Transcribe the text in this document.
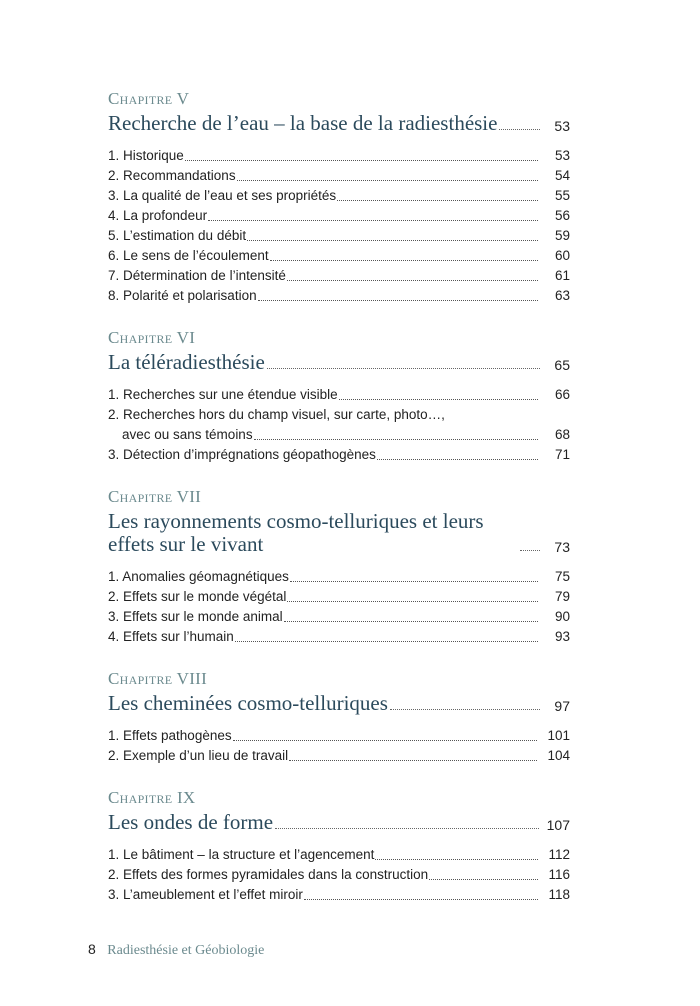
Chapitre V
Recherche de l’eau – la base de la radiesthésie	53
1. Historique	53
2. Recommandations	54
3. La qualité de l’eau et ses propriétés	55
4. La profondeur	56
5. L’estimation du débit	59
6. Le sens de l’écoulement	60
7. Détermination de l’intensité	61
8. Polarité et polarisation	63
Chapitre VI
La téléradiesthésie	65
1. Recherches sur une étendue visible	66
2. Recherches hors du champ visuel, sur carte, photo…,
avec ou sans témoins	68
3. Détection d’imprégnations géopathogènes	71
Chapitre VII
Les rayonnements cosmo-telluriques et leurs effets sur le vivant	73
1. Anomalies géomagnétiques	75
2. Effets sur le monde végétal	79
3. Effets sur le monde animal	90
4. Effets sur l’humain	93
Chapitre VIII
Les cheminées cosmo-telluriques	97
1. Effets pathogènes	101
2. Exemple d’un lieu de travail	104
Chapitre IX
Les ondes de forme	107
1. Le bâtiment – la structure et l’agencement	112
2. Effets des formes pyramidales dans la construction	116
3. L’ameublement et l’effet miroir	118
8 Radiesthésie et Géobiologie
